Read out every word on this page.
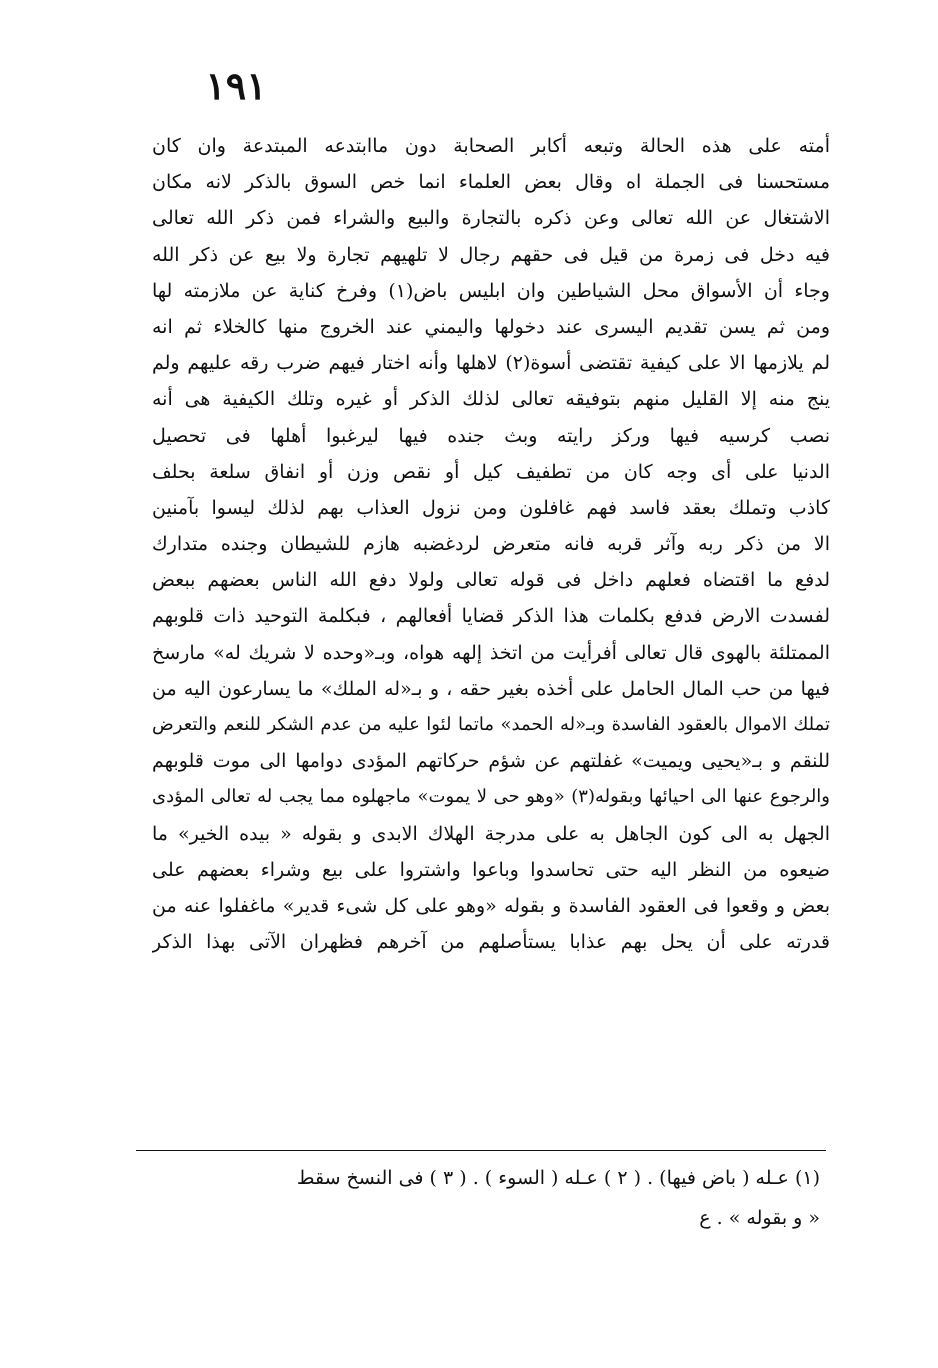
١٩١
أمته على هذه الحالة وتبعه أكابر الصحابة دون ماابتدعه المبتدعة وان كان
مستحسنا فى الجملة اه وقال بعض العلماء انما خص السوق بالذكر لانه مكان
الاشتغال عن الله تعالى وعن ذكره بالتجارة والبيع والشراء فمن ذكر الله تعالى
فيه دخل فى زمرة من قيل فى حقهم رجال لا تلهيهم تجارة ولا بيع عن ذكر الله
وجاء أن الأسواق محل الشياطين وان ابليس باض(١) وفرخ كناية عن ملازمته لها
ومن ثم يسن تقديم اليسرى عند دخولها واليمني عند الخروج منها كالخلاء ثم انه
لم يلازمها الا على كيفية تقتضى أسوة(٢) لاهلها وأنه اختار فيهم ضرب رقه عليهم ولم
ينج منه إلا القليل منهم بتوفيقه تعالى لذلك الذكر أو غيره وتلك الكيفية هى أنه
نصب كرسيه فيها وركز رايته وبث جنده فيها ليرغبوا أهلها فى تحصيل
الدنيا على أى وجه كان من تطفيف كيل أو نقص وزن أو انفاق سلعة بحلف
كاذب وتملك بعقد فاسد فهم غافلون ومن نزول العذاب بهم لذلك ليسوا بآمنين
الا من ذكر ربه وآثر قربه فانه متعرض لردغضبه هازم للشيطان وجنده متدارك
لدفع ما اقتضاه فعلهم داخل فى قوله تعالى ولولا دفع الله الناس بعضهم ببعض
لفسدت الارض فدفع بكلمات هذا الذكر قضايا أفعالهم ، فبكلمة التوحيد ذات قلوبهم
الممتلئة بالهوى قال تعالى أفرأيت من اتخذ إلهه هواه، وبـ«وحده لا شريك له» مارسخ
فيها من حب المال الحامل على أخذه بغير حقه ، و بـ«له الملك» ما يسارعون اليه من
تملك الاموال بالعقود الفاسدة وبـ«له الحمد» ماتما لئوا عليه من عدم الشكر للنعم والتعرض
للنقم و بـ«يحيى ويميت» غفلتهم عن شؤم حركاتهم المؤدى دوامها الى موت قلوبهم
والرجوع عنها الى احيائها وبقوله(٣) «وهو حى لا يموت» ماجهلوه مما يجب له تعالى المؤدى
الجهل به الى كون الجاهل به على مدرجة الهلاك الابدى و بقوله « بيده الخير» ما
ضيعوه من النظر اليه حتى تحاسدوا وباعوا واشتروا على بيع وشراء بعضهم على
بعض و وقعوا فى العقود الفاسدة و بقوله «وهو على كل شىء قدير» ماغفلوا عنه من
قدرته على أن يحل بهم عذابا يستأصلهم من آخرهم فظهران الآتى بهذا الذكر
(١) عـله ( باض فيها) . ( ٢ ) عـله ( السوء ) . ( ٣ ) فى النسخ سقط
« و بقوله » . ع
